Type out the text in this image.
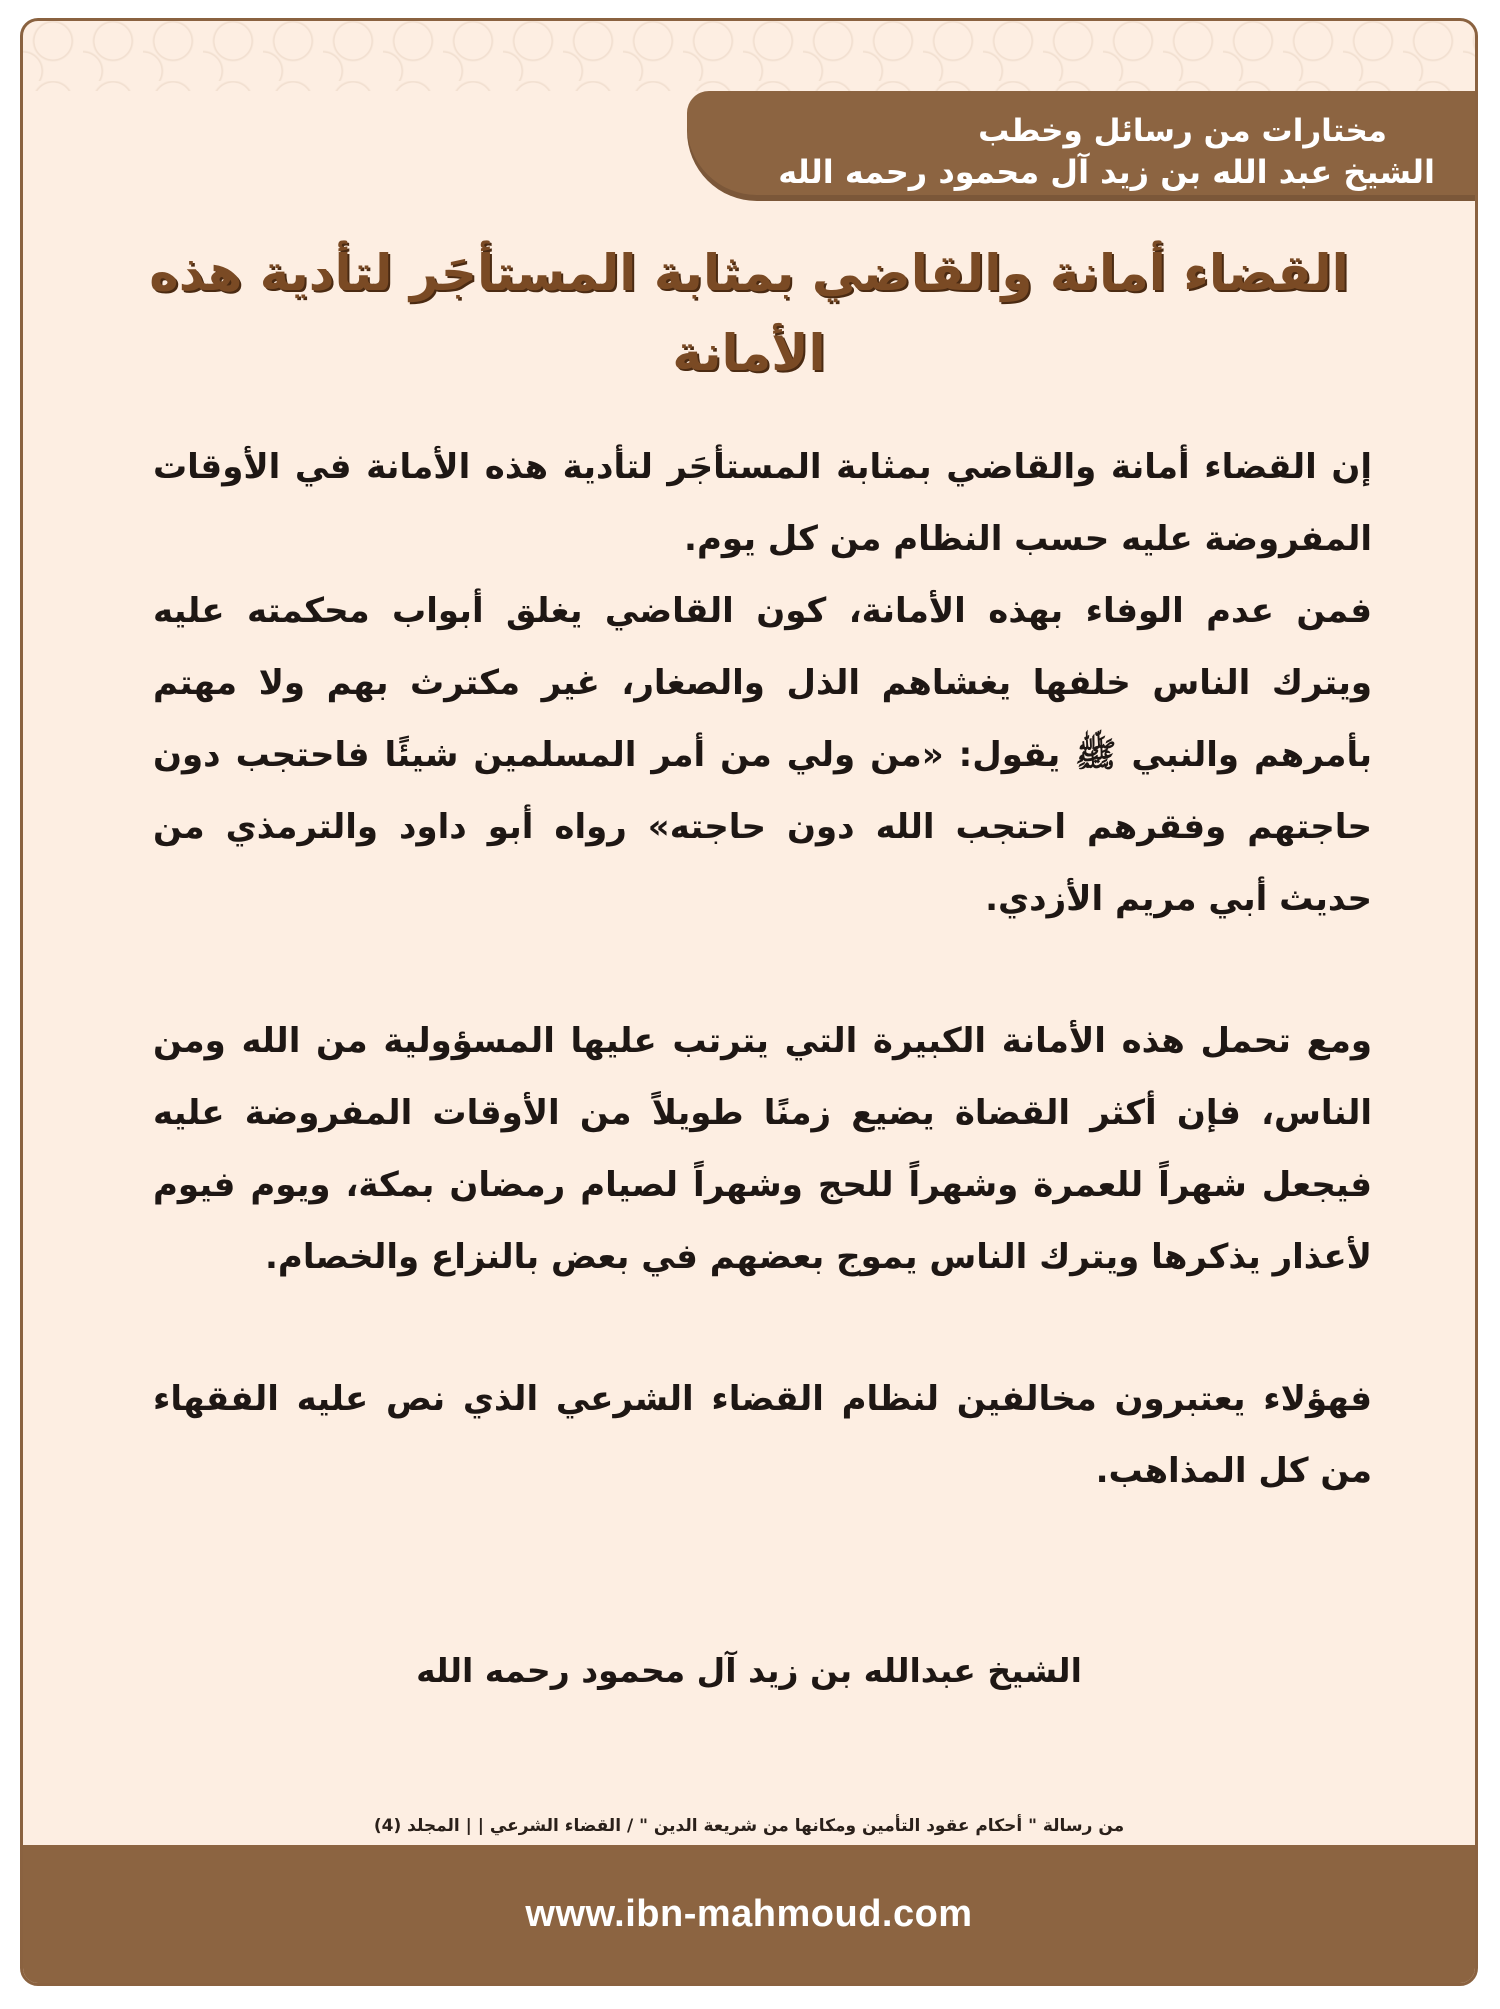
مختارات من رسائل وخطب
الشيخ عبد الله بن زيد آل محمود رحمه الله
القضاء أمانة والقاضي بمثابة المستأجَر لتأدية هذه الأمانة

إن القضاء أمانة والقاضي بمثابة المستأجَر لتأدية هذه الأمانة في الأوقات المفروضة عليه حسب النظام من كل يوم.

فمن عدم الوفاء بهذه الأمانة، كون القاضي يغلق أبواب محكمته عليه ويترك الناس خلفها يغشاهم الذل والصغار، غير مكترث بهم ولا مهتم بأمرهم والنبي ﷺ يقول: «من ولي من أمر المسلمين شيئًا فاحتجب دون حاجتهم وفقرهم احتجب الله دون حاجته» رواه أبو داود والترمذي من حديث أبي مريم الأزدي.

ومع تحمل هذه الأمانة الكبيرة التي يترتب عليها المسؤولية من الله ومن الناس، فإن أكثر القضاة يضيع زمنًا طويلاً من الأوقات المفروضة عليه فيجعل شهراً للعمرة وشهراً للحج وشهراً لصيام رمضان بمكة، ويوم فيوم لأعذار يذكرها ويترك الناس يموج بعضهم في بعض بالنزاع والخصام.

فهؤلاء يعتبرون مخالفين لنظام القضاء الشرعي الذي نص عليه الفقهاء من كل المذاهب.

الشيخ عبدالله بن زيد آل محمود رحمه الله
من رسالة " أحكام عقود التأمين ومكانها من شريعة الدين " / القضاء الشرعي | | المجلد (4)
www.ibn-mahmoud.com
